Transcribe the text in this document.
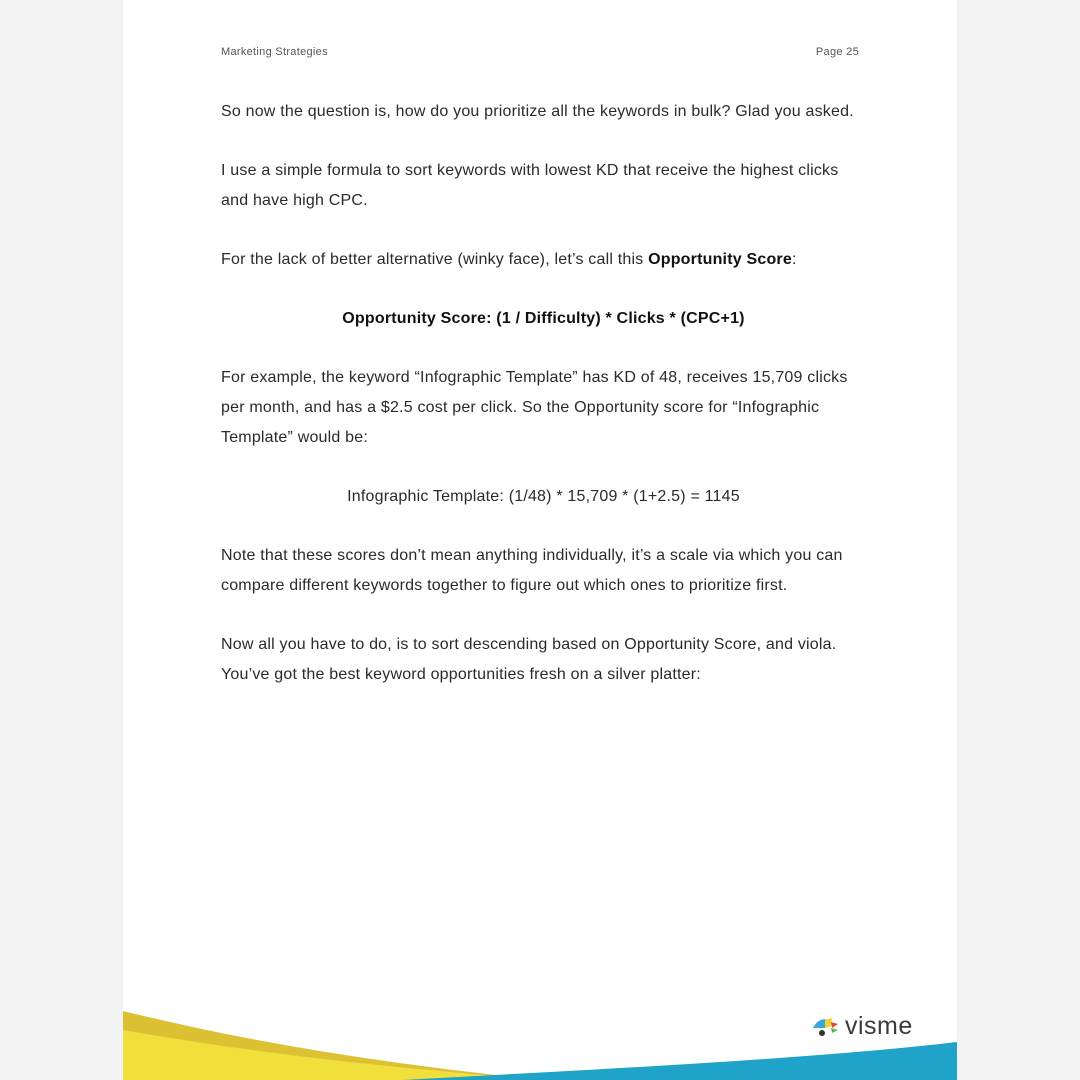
Marketing Strategies	Page 25

So now the question is, how do you prioritize all the keywords in bulk? Glad you asked.

I use a simple formula to sort keywords with lowest KD that receive the highest clicks and have high CPC.

For the lack of better alternative (winky face), let’s call this Opportunity Score:

Opportunity Score: (1 / Difficulty) * Clicks * (CPC+1)

For example, the keyword “Infographic Template” has KD of 48, receives 15,709 clicks per month, and has a $2.5 cost per click. So the Opportunity score for “Infographic Template” would be:

Infographic Template: (1/48) * 15,709 * (1+2.5) = 1145

Note that these scores don’t mean anything individually, it’s a scale via which you can compare different keywords together to figure out which ones to prioritize first.

Now all you have to do, is to sort descending based on Opportunity Score, and viola. You’ve got the best keyword opportunities fresh on a silver platter:

visme
